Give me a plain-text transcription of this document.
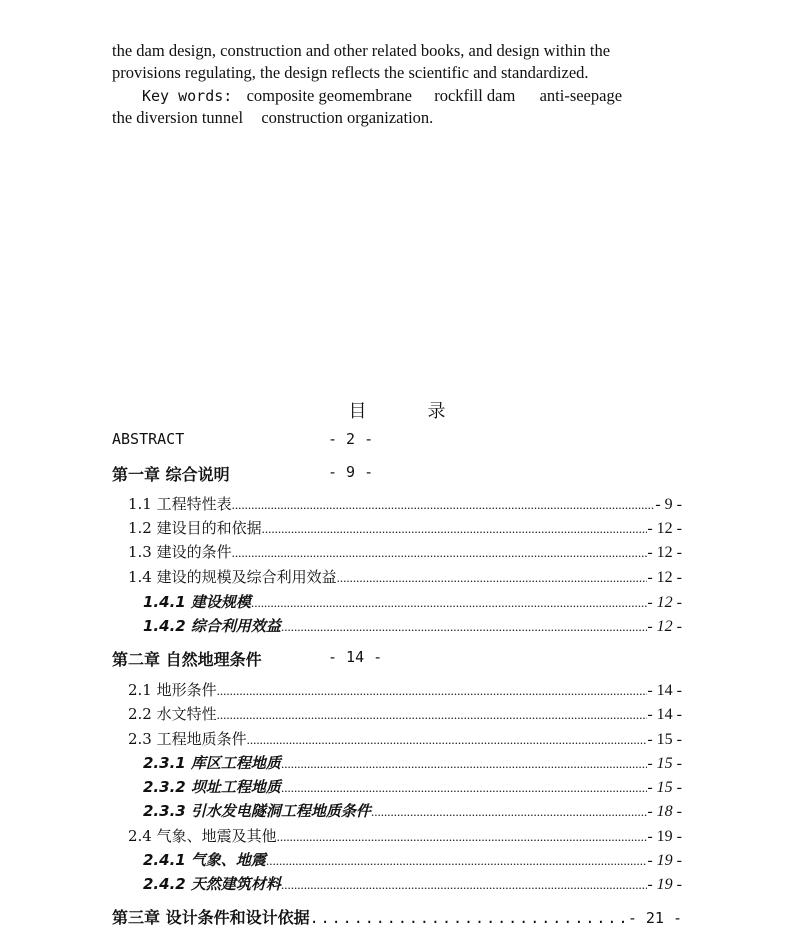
the dam design, construction and other related books, and design within the
provisions regulating, the design reflects the scientific and standardized.
Key words: composite geomembrane rockfill dam anti-seepage
the diversion tunnel construction organization.
目	录
ABSTRACT	- 2 -
第一章 综合说明	- 9 -
1.1 工程特性表 .....	- 9 -
1.2 建设目的和依据 .....	- 12 -
1.3 建设的条件 .....	- 12 -
1.4 建设的规模及综合利用效益 .....	- 12 -
1.4.1 建设规模 .....	- 12 -
1.4.2 综合利用效益 .....	- 12 -
第二章 自然地理条件	- 14 -
2.1 地形条件 .....	- 14 -
2.2 水文特性 .....	- 14 -
2.3 工程地质条件 .....	- 15 -
2.3.1 库区工程地质 .....	- 15 -
2.3.2 坝址工程地质 .....	- 15 -
2.3.3 引水发电隧洞工程地质条件 .....	- 18 -
2.4 气象、地震及其他 .....	- 19 -
2.4.1 气象、地震 .....	- 19 -
2.4.2 天然建筑材料 .....	- 19 -
第三章 设计条件和设计依据 .....	- 21 -
